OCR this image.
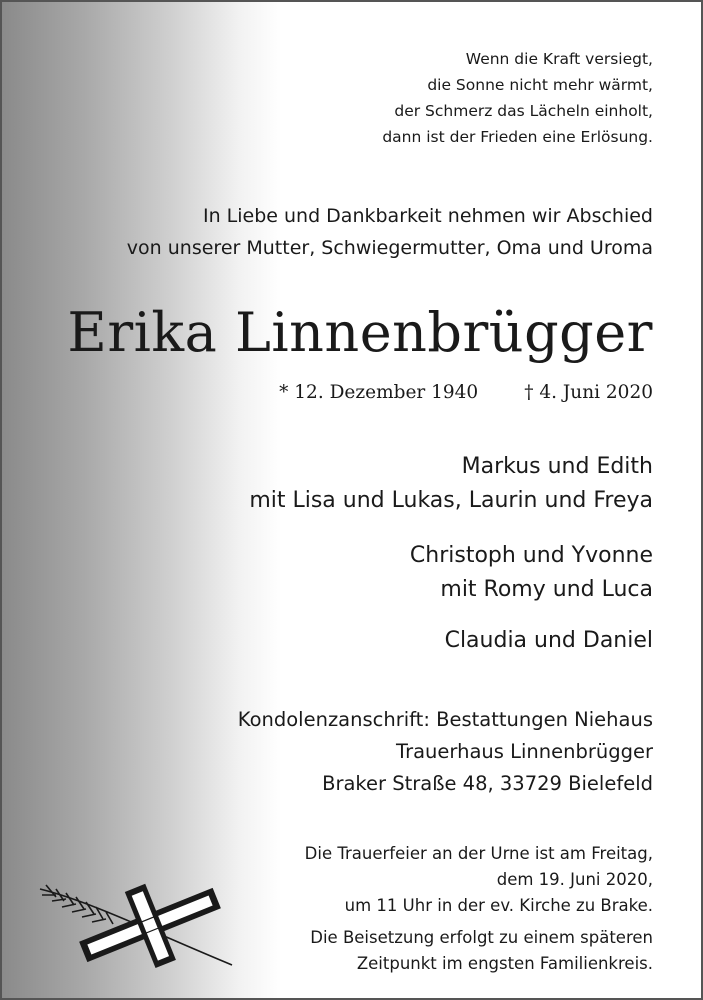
Wenn die Kraft versiegt,
die Sonne nicht mehr wärmt,
der Schmerz das Lächeln einholt,
dann ist der Frieden eine Erlösung.
In Liebe und Dankbarkeit nehmen wir Abschied
von unserer Mutter, Schwiegermutter, Oma und Uroma
Erika Linnenbrügger
* 12. Dezember 1940 † 4. Juni 2020
Markus und Edith
mit Lisa und Lukas, Laurin und Freya
Christoph und Yvonne
mit Romy und Luca
Claudia und Daniel
Kondolenzanschrift: Bestattungen Niehaus
Trauerhaus Linnenbrügger
Braker Straße 48, 33729 Bielefeld
Die Trauerfeier an der Urne ist am Freitag,
dem 19. Juni 2020,
um 11 Uhr in der ev. Kirche zu Brake.
Die Beisetzung erfolgt zu einem späteren
Zeitpunkt im engsten Familienkreis.
